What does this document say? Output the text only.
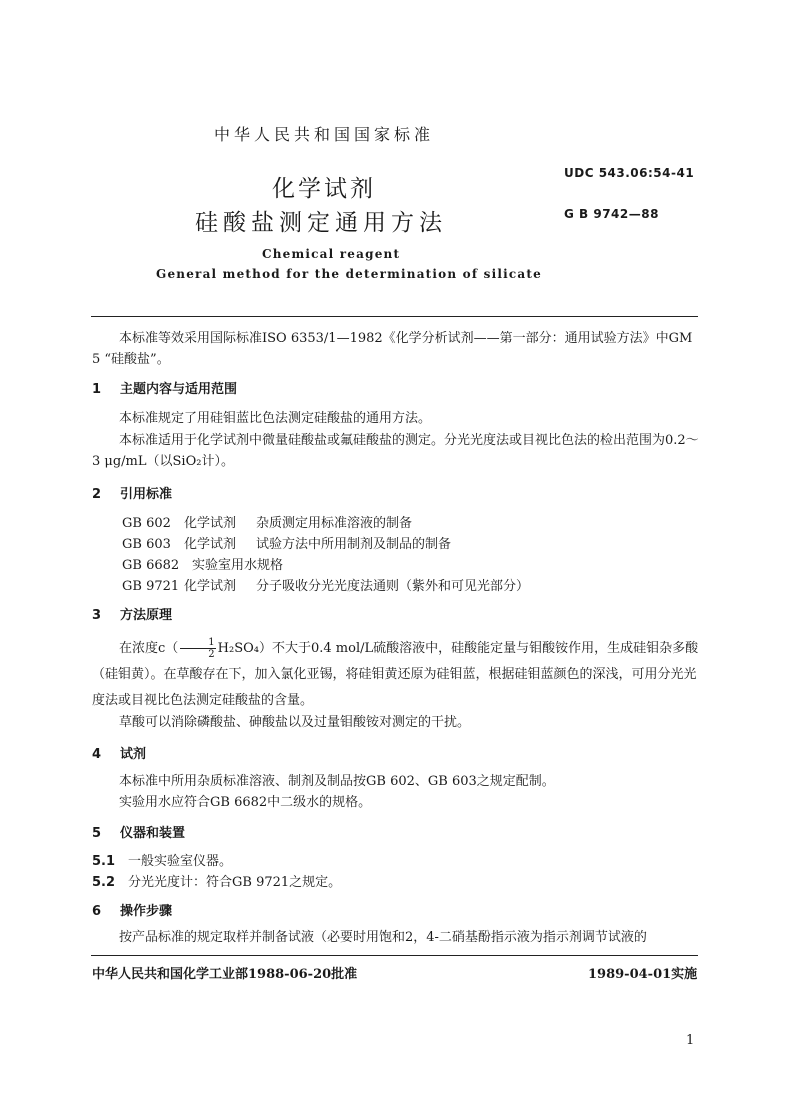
中华人民共和国国家标准
化学试剂
硅酸盐测定通用方法
UDC 543.06:54-41
G B 9742—88
Chemical reagent
General method for the determination of silicate
本标准等效采用国际标准ISO 6353/1—1982《化学分析试剂——第一部分：通用试验方法》中GM 5 “硅酸盐”。
1 主题内容与适用范围
本标准规定了用硅钼蓝比色法测定硅酸盐的通用方法。
本标准适用于化学试剂中微量硅酸盐或氟硅酸盐的测定。分光光度法或目视比色法的检出范围为0.2～3 μg/mL（以SiO₂计）。
2 引用标准
GB 602 化学试剂 杂质测定用标准溶液的制备
GB 603 化学试剂 试验方法中所用制剂及制品的制备
GB 6682 实验室用水规格
GB 9721 化学试剂 分子吸收分光光度法通则（紫外和可见光部分）
3 方法原理
在浓度$c( \frac{1}{2} H_2SO_4)$不大于0.4 mol/L硫酸溶液中，硅酸能定量与钼酸铵作用，生成硅钼杂多酸（硅钼黄）。在草酸存在下，加入氯化亚锡，将硅钼黄还原为硅钼蓝，根据硅钼蓝颜色的深浅，可用分光光度法或目视比色法测定硅酸盐的含量。
草酸可以消除磷酸盐、砷酸盐以及过量钼酸铵对测定的干扰。
4 试剂
本标准中所用杂质标准溶液、制剂及制品按GB 602、GB 603之规定配制。
实验用水应符合GB 6682中二级水的规格。
5 仪器和装置
5.1 一般实验室仪器。
5.2 分光光度计：符合GB 9721之规定。
6 操作步骤
按产品标准的规定取样并制备试液（必要时用饱和2，4-二硝基酚指示液为指示剂调节试液的
中华人民共和国化学工业部1988-06-20批准	1989-04-01实施
1
